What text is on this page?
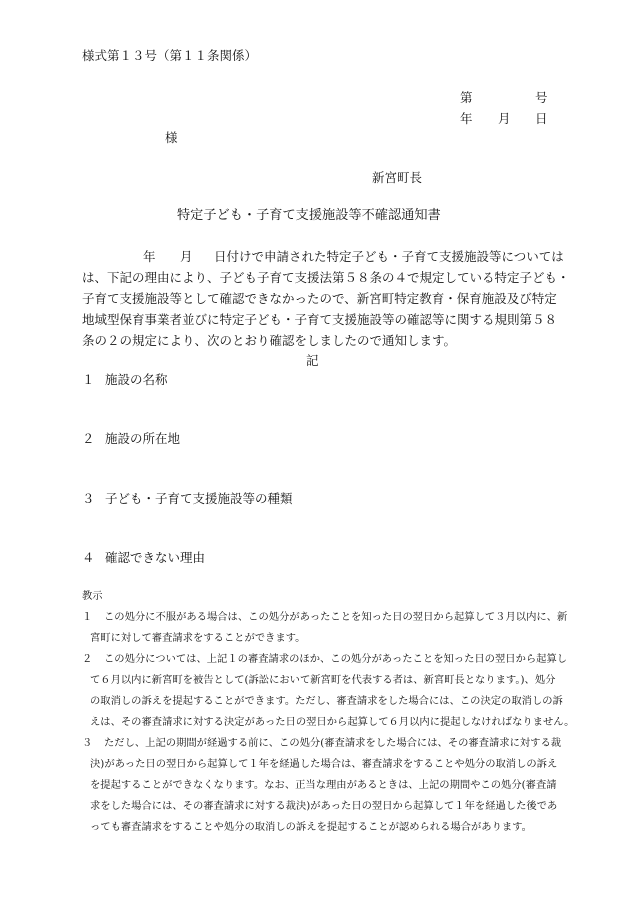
様式第１３号（第１１条関係）
第	号
年 月 日
様
新宮町長
特定子ども・子育て支援施設等不確認通知書
年 月 日付けで申請された特定子ども・子育て支援施設等については
は、下記の理由により、子ども子育て支援法第５８条の４で規定している特定子ども・
子育て支援施設等として確認できなかったので、新宮町特定教育・保育施設及び特定
地域型保育事業者並びに特定子ども・子育て支援施設等の確認等に関する規則第５８
条の２の規定により、次のとおり確認をしましたので通知します。
記
１ 施設の名称
２ 施設の所在地
３ 子ども・子育て支援施設等の種類
４ 確認できない理由
教示
１ この処分に不服がある場合は、この処分があったことを知った日の翌日から起算して３月以内に、新
宮町に対して審査請求をすることができます。
２ この処分については、上記１の審査請求のほか、この処分があったことを知った日の翌日から起算し
て６月以内に新宮町を被告として(訴訟において新宮町を代表する者は、新宮町長となります。)、処分
の取消しの訴えを提起することができます。ただし、審査請求をした場合には、この決定の取消しの訴
えは、その審査請求に対する決定があった日の翌日から起算して６月以内に提起しなければなりません。
３ ただし、上記の期間が経過する前に、この処分(審査請求をした場合には、その審査請求に対する裁
決)があった日の翌日から起算して１年を経過した場合は、審査請求をすることや処分の取消しの訴え
を提起することができなくなります。なお、正当な理由があるときは、上記の期間やこの処分(審査請
求をした場合には、その審査請求に対する裁決)があった日の翌日から起算して１年を経過した後であ
っても審査請求をすることや処分の取消しの訴えを提起することが認められる場合があります。
